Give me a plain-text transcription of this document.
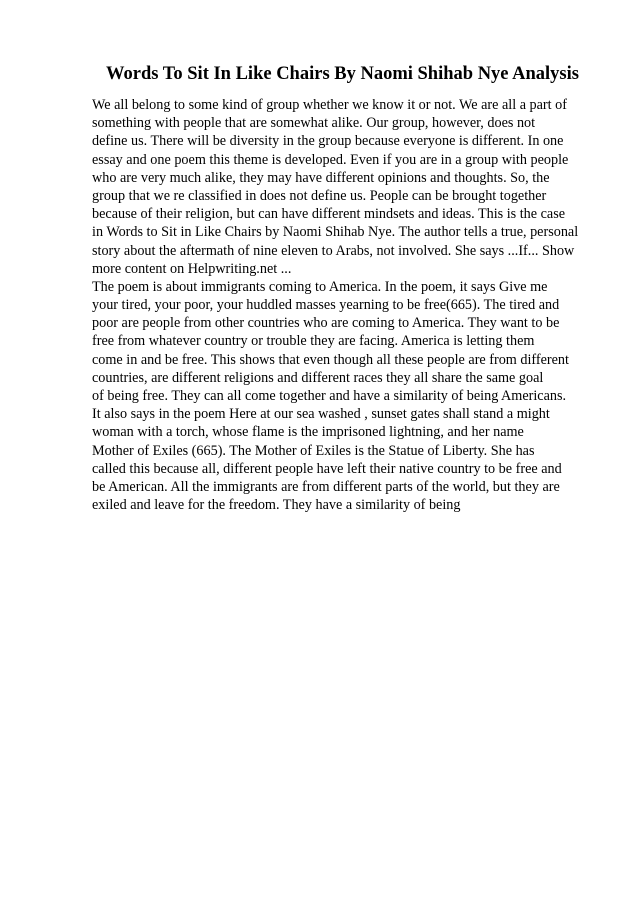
Words To Sit In Like Chairs By Naomi Shihab Nye Analysis
We all belong to some kind of group whether we know it or not. We are all a part of
something with people that are somewhat alike. Our group, however, does not
define us. There will be diversity in the group because everyone is different. In one
essay and one poem this theme is developed. Even if you are in a group with people
who are very much alike, they may have different opinions and thoughts. So, the
group that we re classified in does not define us. People can be brought together
because of their religion, but can have different mindsets and ideas. This is the case
in Words to Sit in Like Chairs by Naomi Shihab Nye. The author tells a true, personal
story about the aftermath of nine eleven to Arabs, not involved. She says ...If... Show
more content on Helpwriting.net ...
The poem is about immigrants coming to America. In the poem, it says Give me
your tired, your poor, your huddled masses yearning to be free(665). The tired and
poor are people from other countries who are coming to America. They want to be
free from whatever country or trouble they are facing. America is letting them
come in and be free. This shows that even though all these people are from different
countries, are different religions and different races they all share the same goal
of being free. They can all come together and have a similarity of being Americans.
It also says in the poem Here at our sea washed , sunset gates shall stand a might
woman with a torch, whose flame is the imprisoned lightning, and her name
Mother of Exiles (665). The Mother of Exiles is the Statue of Liberty. She has
called this because all, different people have left their native country to be free and
be American. All the immigrants are from different parts of the world, but they are
exiled and leave for the freedom. They have a similarity of being
